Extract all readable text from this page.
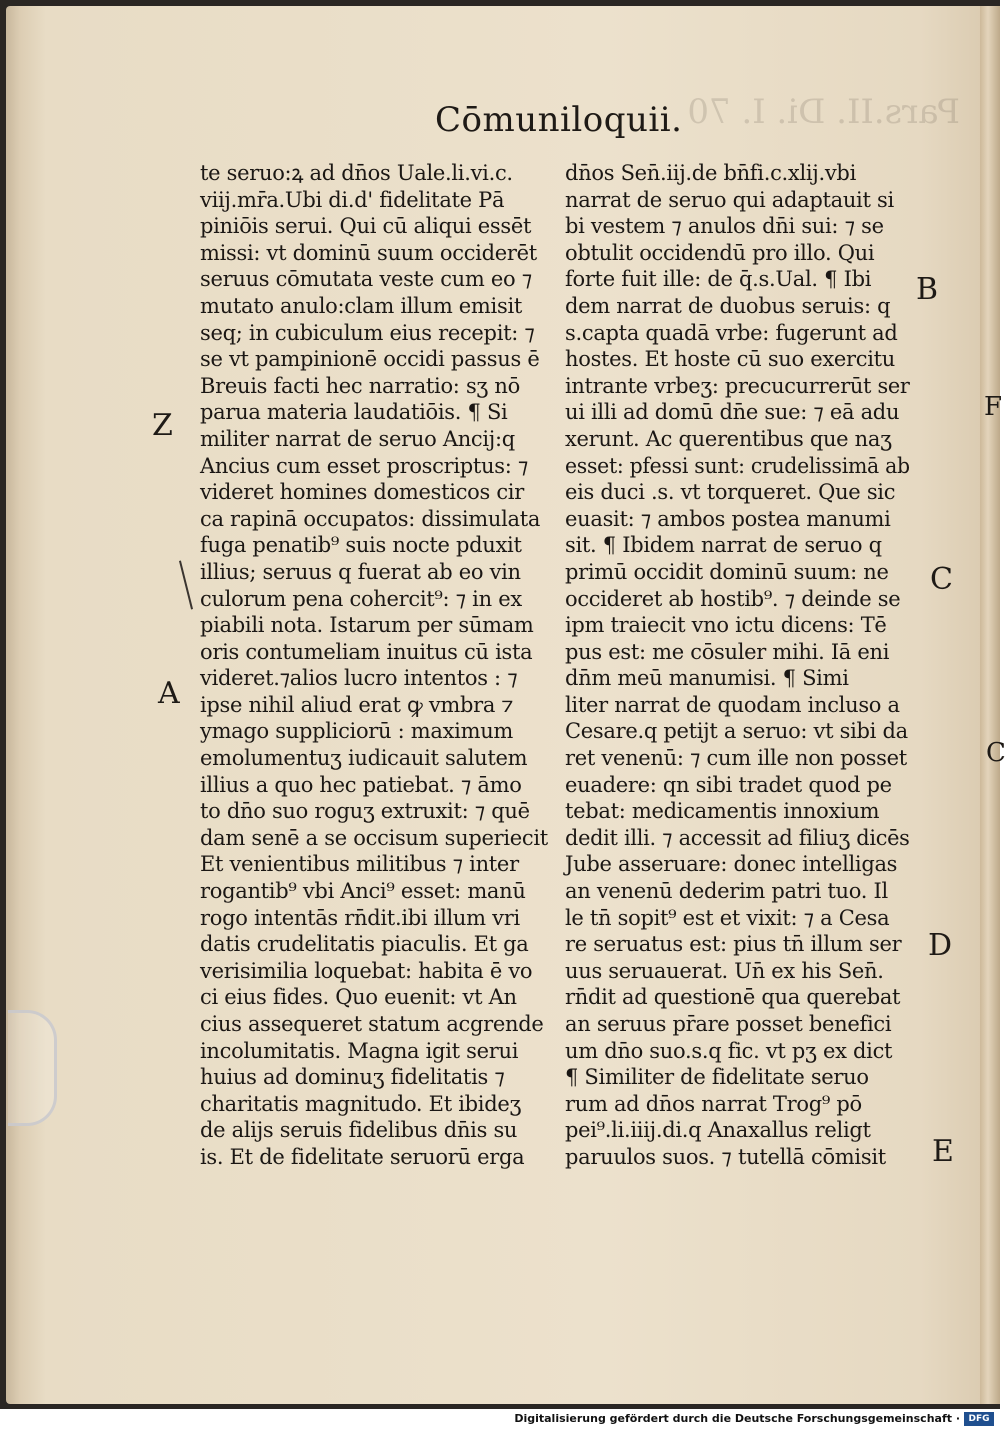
Pars.II. Di. I. 70
Cōmuniloquii.
te seruo:ꝝ ad dn̄os Uale.li.vi.c.
viij.mr̄a.Ubi di.d' fidelitate Pā
piniōis serui. Qui cū aliqui essēt
missi: vt dominū suum occiderēt
seruus cōmutata veste cum eo ⁊
mutato anulo:clam illum emisit
seq; in cubiculum eius recepit: ⁊
se vt pampinionē occidi passus ē
Breuis facti hec narratio: sʒ nō
parua materia laudatiōis. ¶ Si
militer narrat de seruo Ancij:q
Ancius cum esset proscriptus: ⁊
videret homines domesticos cir
ca rapinā occupatos: dissimulata
fuga penatib⁹ suis nocte pduxit
illius; seruus q fuerat ab eo vin
culorum pena cohercit⁹: ⁊ in ex
piabili nota. Istarum per sūmam
oris contumeliam inuitus cū ista
videret.⁊alios lucro intentos : ⁊
ipse nihil aliud erat ꝙ vmbra ⁊
ymago suppliciorū : maximum
emolumentuʒ iudicauit salutem
illius a quo hec patiebat. ⁊ āmo
to dn̄o suo roguʒ extruxit: ⁊ quē
dam senē a se occisum superiecit
Et venientibus militibus ⁊ inter
rogantib⁹ vbi Anci⁹ esset: manū
rogo intentās rn̄dit.ibi illum vri
datis crudelitatis piaculis. Et ga
verisimilia loquebat: habita ē vo
ci eius fides. Quo euenit: vt An
cius assequeret statum acgrende
incolumitatis. Magna igit serui
huius ad dominuʒ fidelitatis ⁊
charitatis magnitudo. Et ibideʒ
de alijs seruis fidelibus dn̄is su
is. Et de fidelitate seruorū erga
dn̄os Sen̄.iij.de bn̄fi.c.xlij.vbi
narrat de seruo qui adaptauit si
bi vestem ⁊ anulos dn̄i sui: ⁊ se
obtulit occidendū pro illo. Qui
forte fuit ille: de q̄.s.Ual. ¶ Ibi
dem narrat de duobus seruis: q
s.capta quadā vrbe: fugerunt ad
hostes. Et hoste cū suo exercitu
intrante vrbeʒ: precucurrerūt ser
ui illi ad domū dn̄e sue: ⁊ eā adu
xerunt. Ac querentibus que naʒ
esset: pfessi sunt: crudelissimā ab
eis duci .s. vt torqueret. Que sic
euasit: ⁊ ambos postea manumi
sit. ¶ Ibidem narrat de seruo q
primū occidit dominū suum: ne
occideret ab hostib⁹. ⁊ deinde se
ipm traiecit vno ictu dicens: Tē
pus est: me cōsuler mihi. Iā eni
dn̄m meū manumisi. ¶ Simi
liter narrat de quodam incluso a
Cesare.q petijt a seruo: vt sibi da
ret venenū: ⁊ cum ille non posset
euadere: qn sibi tradet quod pe
tebat: medicamentis innoxium
dedit illi. ⁊ accessit ad filiuʒ dicēs
Jube asseruare: donec intelligas
an venenū dederim patri tuo. Il
le tn̄ sopit⁹ est et vixit: ⁊ a Cesa
re seruatus est: pius tn̄ illum ser
uus seruauerat. Un̄ ex his Sen̄.
rn̄dit ad questionē qua querebat
an seruus pr̄are posset benefici
um dn̄o suo.s.q fic. vt pʒ ex dict
¶ Similiter de fidelitate seruo
rum ad dn̄os narrat Trog⁹ pō
pei⁹.li.iiij.di.q Anaxallus religt
paruulos suos. ⁊ tutellā cōmisit
Z
A
B
C
D
E
F
C
Digitalisierung gefördert durch die Deutsche Forschungsgemeinschaft · DFG
